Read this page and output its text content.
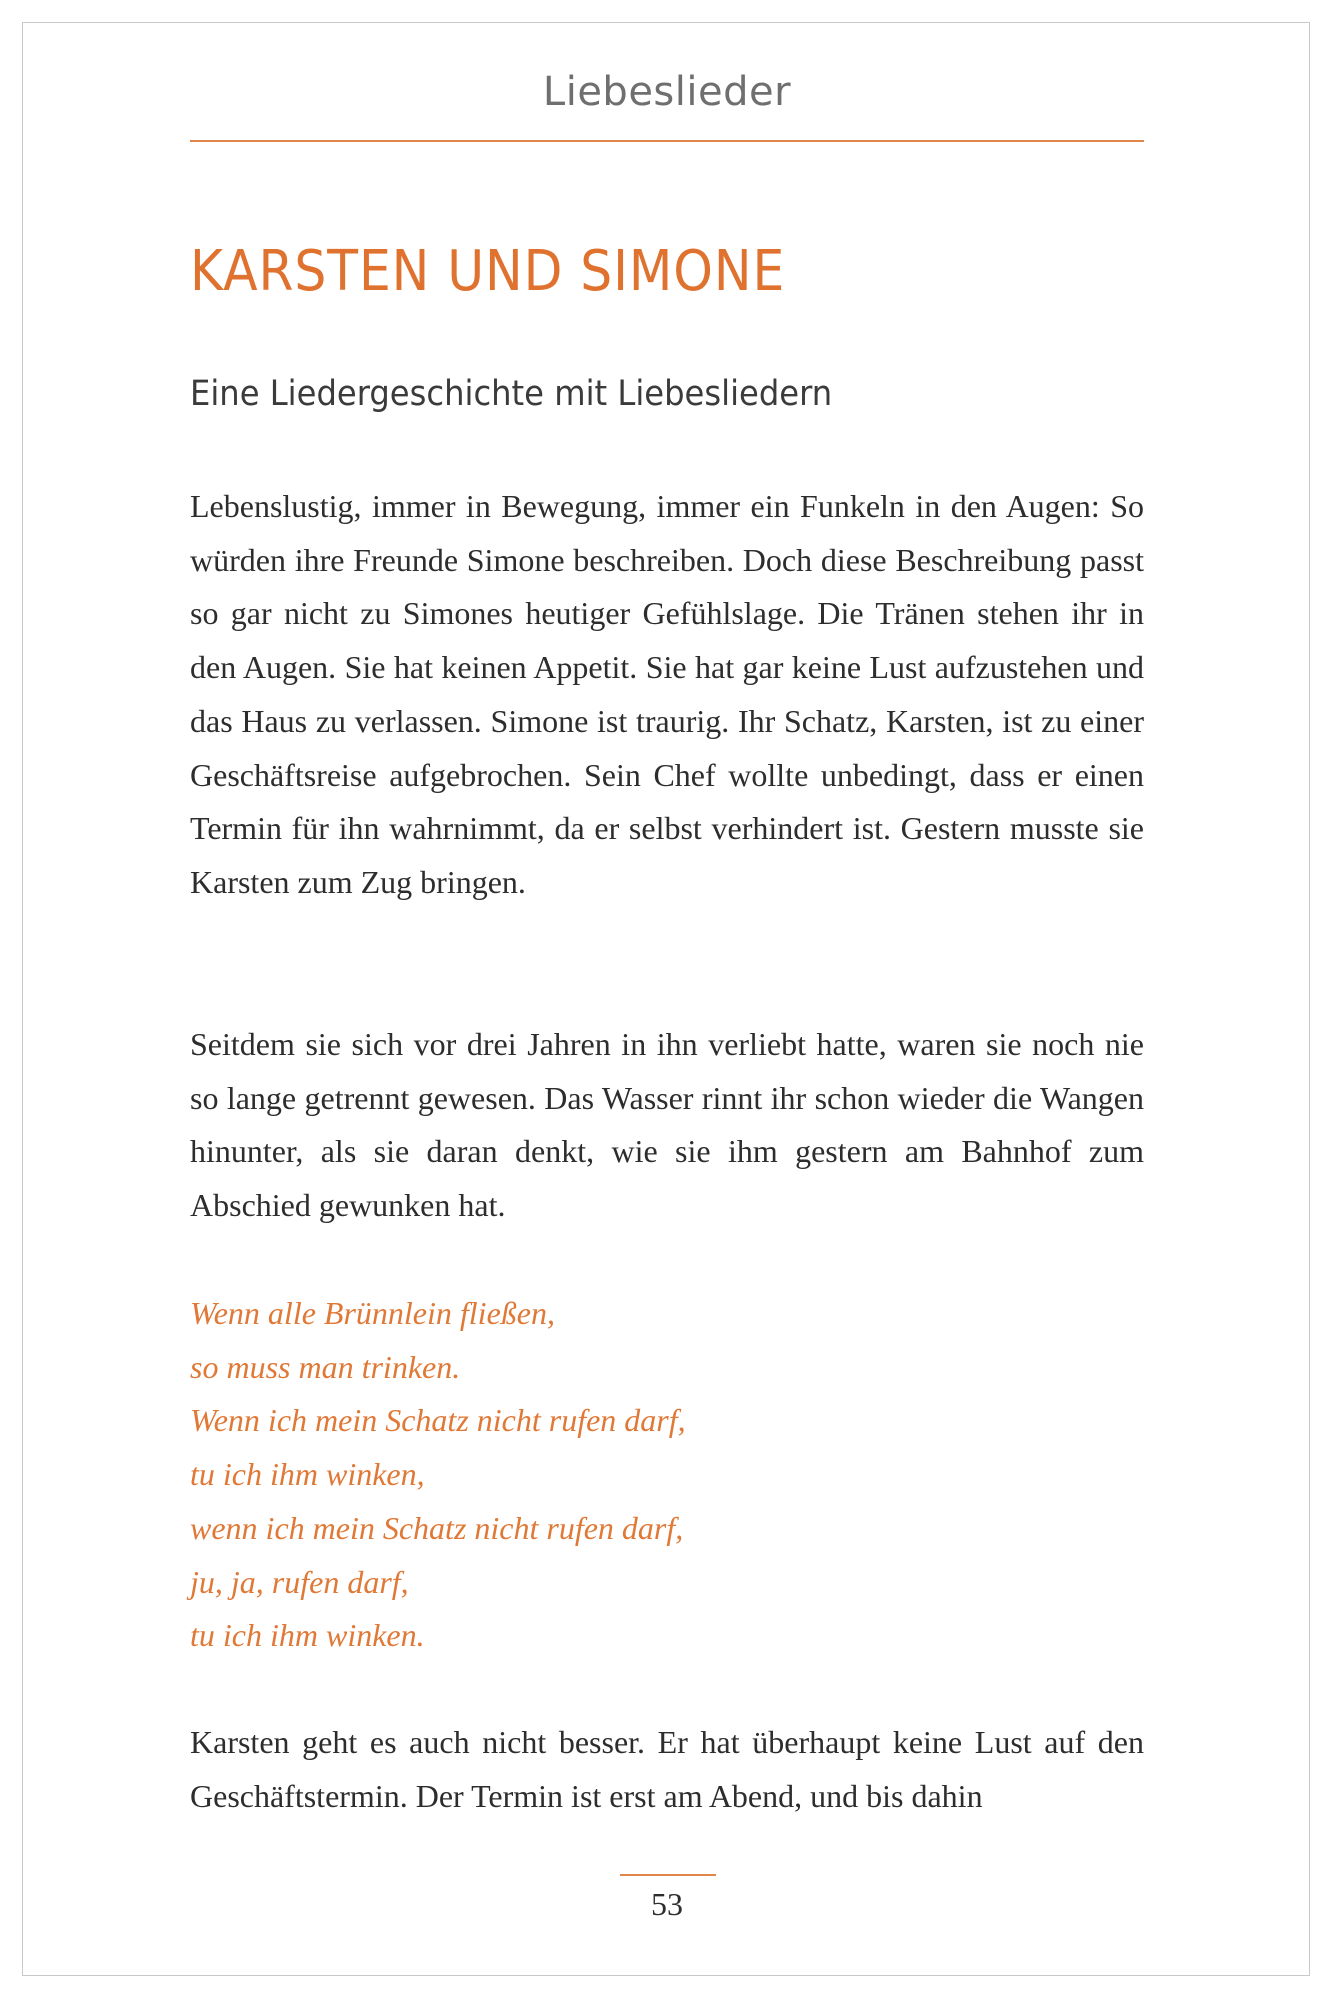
Liebeslieder
KARSTEN UND SIMONE
Eine Liedergeschichte mit Liebesliedern

Lebenslustig, immer in Bewegung, immer ein Funkeln in den Augen: So würden ihre Freunde Simone beschreiben. Doch diese Beschreibung passt so gar nicht zu Simones heutiger Gefühlslage. Die Tränen stehen ihr in den Augen. Sie hat keinen Appetit. Sie hat gar keine Lust aufzustehen und das Haus zu verlassen. Simone ist traurig. Ihr Schatz, Karsten, ist zu einer Geschäftsreise aufgebrochen. Sein Chef wollte unbedingt, dass er einen Termin für ihn wahrnimmt, da er selbst verhindert ist. Gestern musste sie Karsten zum Zug bringen.

Seitdem sie sich vor drei Jahren in ihn verliebt hatte, waren sie noch nie so lange getrennt gewesen. Das Wasser rinnt ihr schon wieder die Wangen hinunter, als sie daran denkt, wie sie ihm gestern am Bahnhof zum Abschied gewunken hat.

Wenn alle Brünnlein fließen,
so muss man trinken.
Wenn ich mein Schatz nicht rufen darf,
tu ich ihm winken,
wenn ich mein Schatz nicht rufen darf,
ju, ja, rufen darf,
tu ich ihm winken.

Karsten geht es auch nicht besser. Er hat überhaupt keine Lust auf den Geschäftstermin. Der Termin ist erst am Abend, und bis dahin

53
